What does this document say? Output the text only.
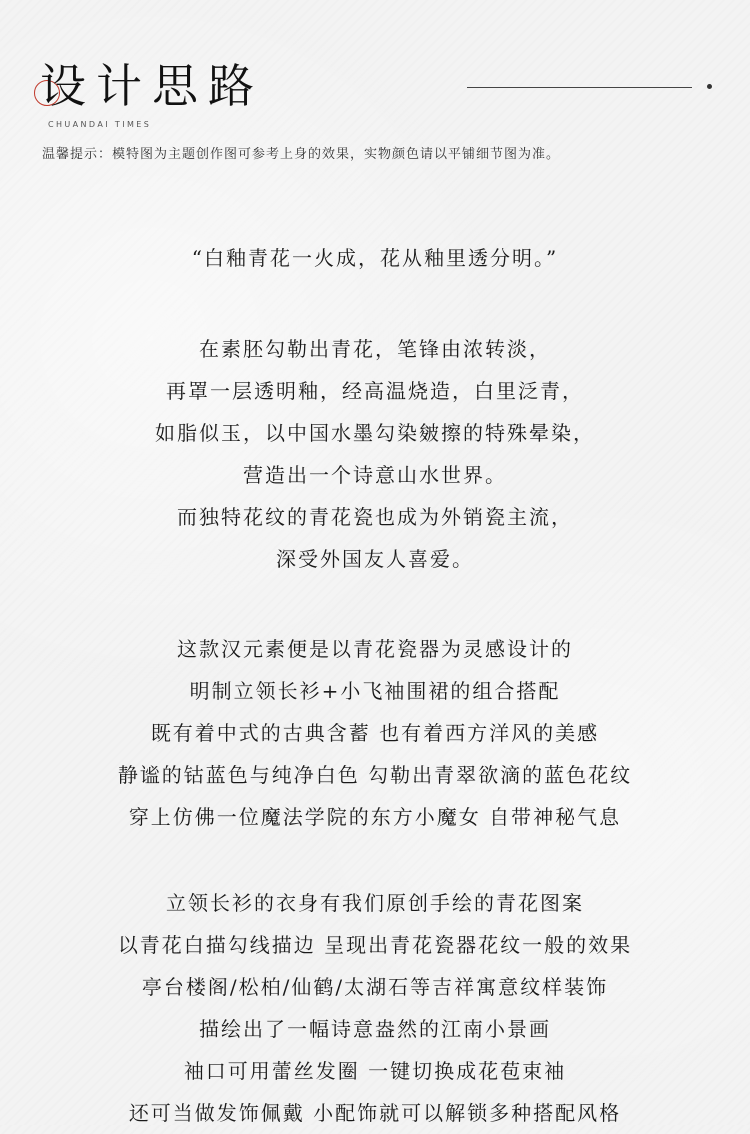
设计思路
CHUANDAI TIMES
温馨提示：模特图为主题创作图可参考上身的效果，实物颜色请以平铺细节图为准。

“白釉青花一火成，花从釉里透分明。”

在素胚勾勒出青花，笔锋由浓转淡，
再罩一层透明釉，经高温烧造，白里泛青，
如脂似玉，以中国水墨勾染皴擦的特殊晕染，
营造出一个诗意山水世界。
而独特花纹的青花瓷也成为外销瓷主流，
深受外国友人喜爱。
这款汉元素便是以青花瓷器为灵感设计的
明制立领长衫+小飞袖围裙的组合搭配
既有着中式的古典含蓄 也有着西方洋风的美感
静谧的钴蓝色与纯净白色 勾勒出青翠欲滴的蓝色花纹
穿上仿佛一位魔法学院的东方小魔女 自带神秘气息
立领长衫的衣身有我们原创手绘的青花图案
以青花白描勾线描边 呈现出青花瓷器花纹一般的效果
亭台楼阁/松柏/仙鹤/太湖石等吉祥寓意纹样装饰
描绘出了一幅诗意盎然的江南小景画
袖口可用蕾丝发圈 一键切换成花苞束袖
还可当做发饰佩戴 小配饰就可以解锁多种搭配风格
